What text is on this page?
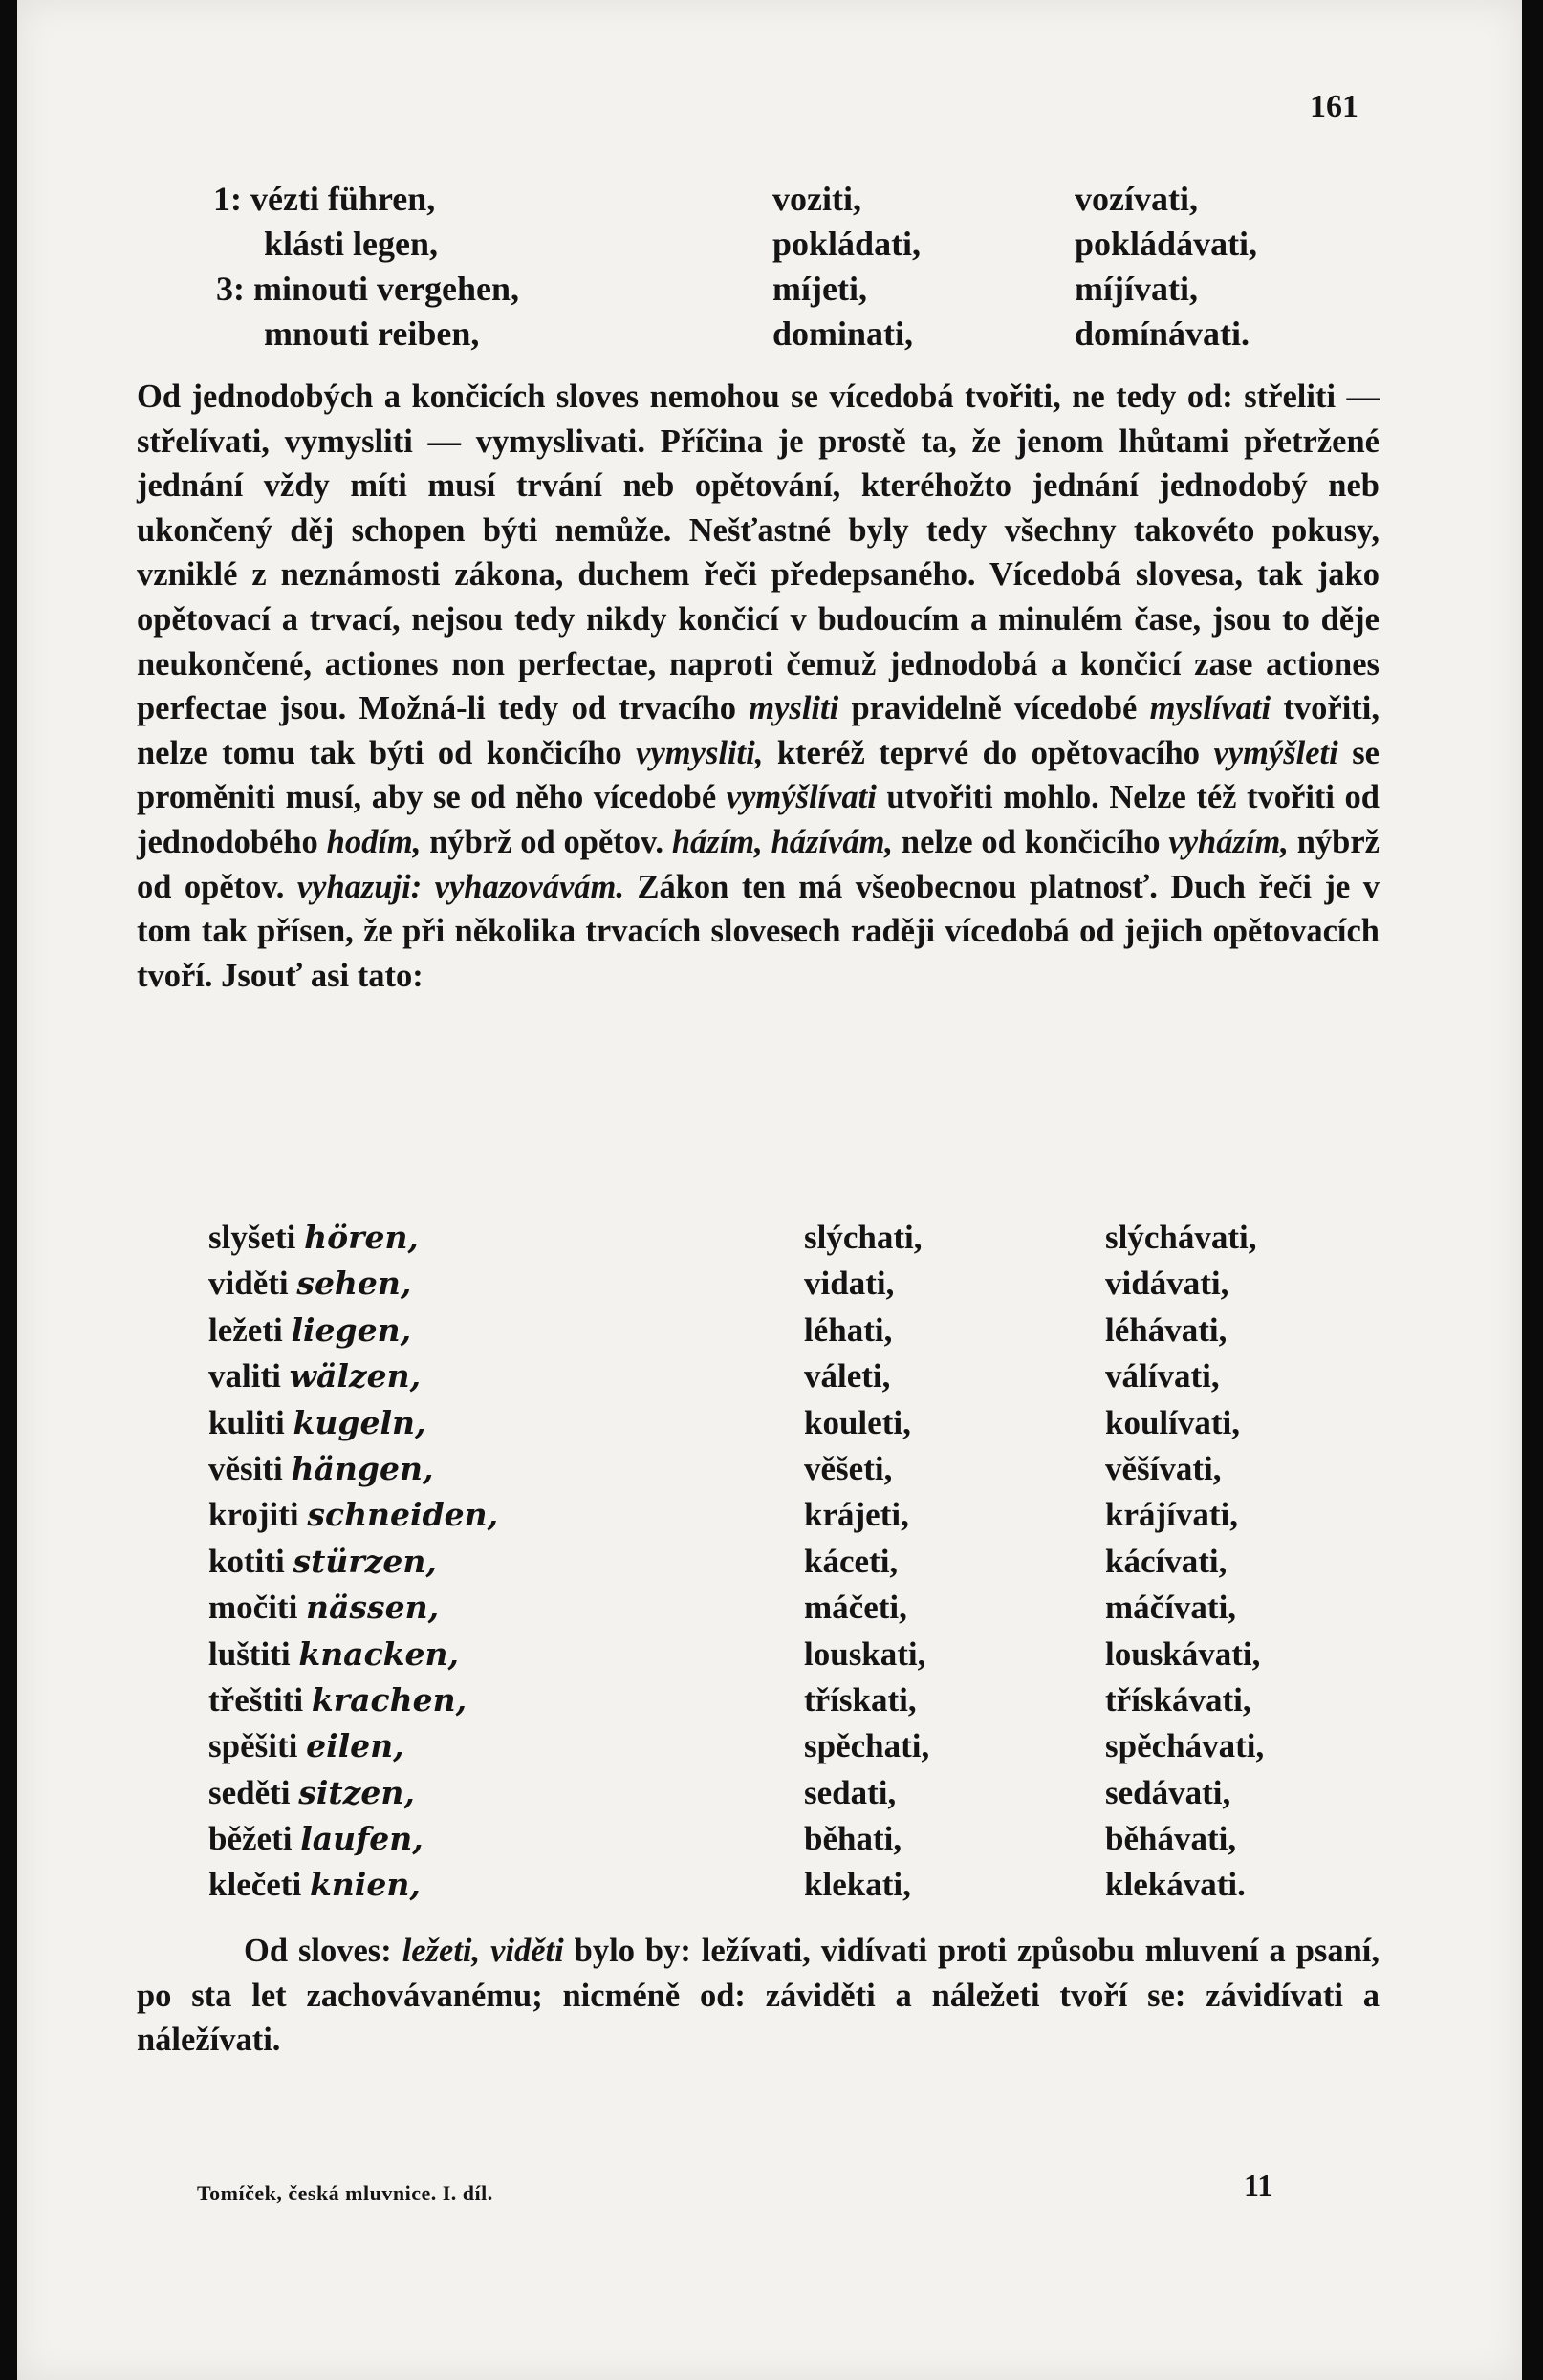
161
1: vézti führen,	voziti,	vozívati,
klásti legen,	pokládati,	pokládávati,
3: minouti vergehen,	míjeti,	míjívati,
mnouti reiben,	dominati,	domínávati.

Od jednodobých a končicích sloves nemohou se vícedobá tvořiti, ne tedy od: střeliti — střelívati, vymysliti — vymyslivati. Příčina je prostě ta, že jenom lhůtami přetržené jednání vždy míti musí trvání neb opětování, kteréhožto jednání jednodobý neb ukončený děj schopen býti nemůže. Nešťastné byly tedy všechny takovéto pokusy, vzniklé z neznámosti zákona, duchem řeči předepsaného. Vícedobá slovesa, tak jako opětovací a trvací, nejsou tedy nikdy končicí v budoucím a minulém čase, jsou to děje neukončené, actiones non perfectae, naproti čemuž jednodobá a končicí zase actiones perfectae jsou. Možná-li tedy od trvacího mysliti pravidelně vícedobé myslívati tvořiti, nelze tomu tak býti od končicího vymysliti, kteréž teprvé do opětovacího vymýšleti se proměniti musí, aby se od něho vícedobé vymýšlívati utvořiti mohlo. Nelze též tvořiti od jednodobého hodím, nýbrž od opětov. házím, házívám, nelze od končicího vyházím, nýbrž od opětov. vyhazuji: vyhazovávám. Zákon ten má všeobecnou platnosť. Duch řeči je v tom tak přísen, že při několika trvacích slovesech raději vícedobá od jejich opětovacích tvoří. Jsouť asi tato:

slyšeti hören,	slýchati,	slýchávati,
viděti sehen,	vidati,	vidávati,
ležeti liegen,	léhati,	léhávati,
valiti wälzen,	váleti,	válívati,
kuliti kugeln,	kouleti,	koulívati,
věsiti hängen,	věšeti,	věšívati,
krojiti schneiden,	krájeti,	krájívati,
kotiti stürzen,	káceti,	kácívati,
močiti nässen,	máčeti,	máčívati,
luštiti knacken,	louskati,	louskávati,
třeštiti krachen,	třískati,	třískávati,
spěšiti eilen,	spěchati,	spěchávati,
seděti sitzen,	sedati,	sedávati,
běžeti laufen,	běhati,	běhávati,
klečeti knien,	klekati,	klekávati.

Od sloves: ležeti, viděti bylo by: ležívati, vidívati proti způsobu mluvení a psaní, po sta let zachovávanému; nicméně od: záviděti a náležeti tvoří se: závidívati a náležívati.

Tomíček, česká mluvnice. I. díl.	11
